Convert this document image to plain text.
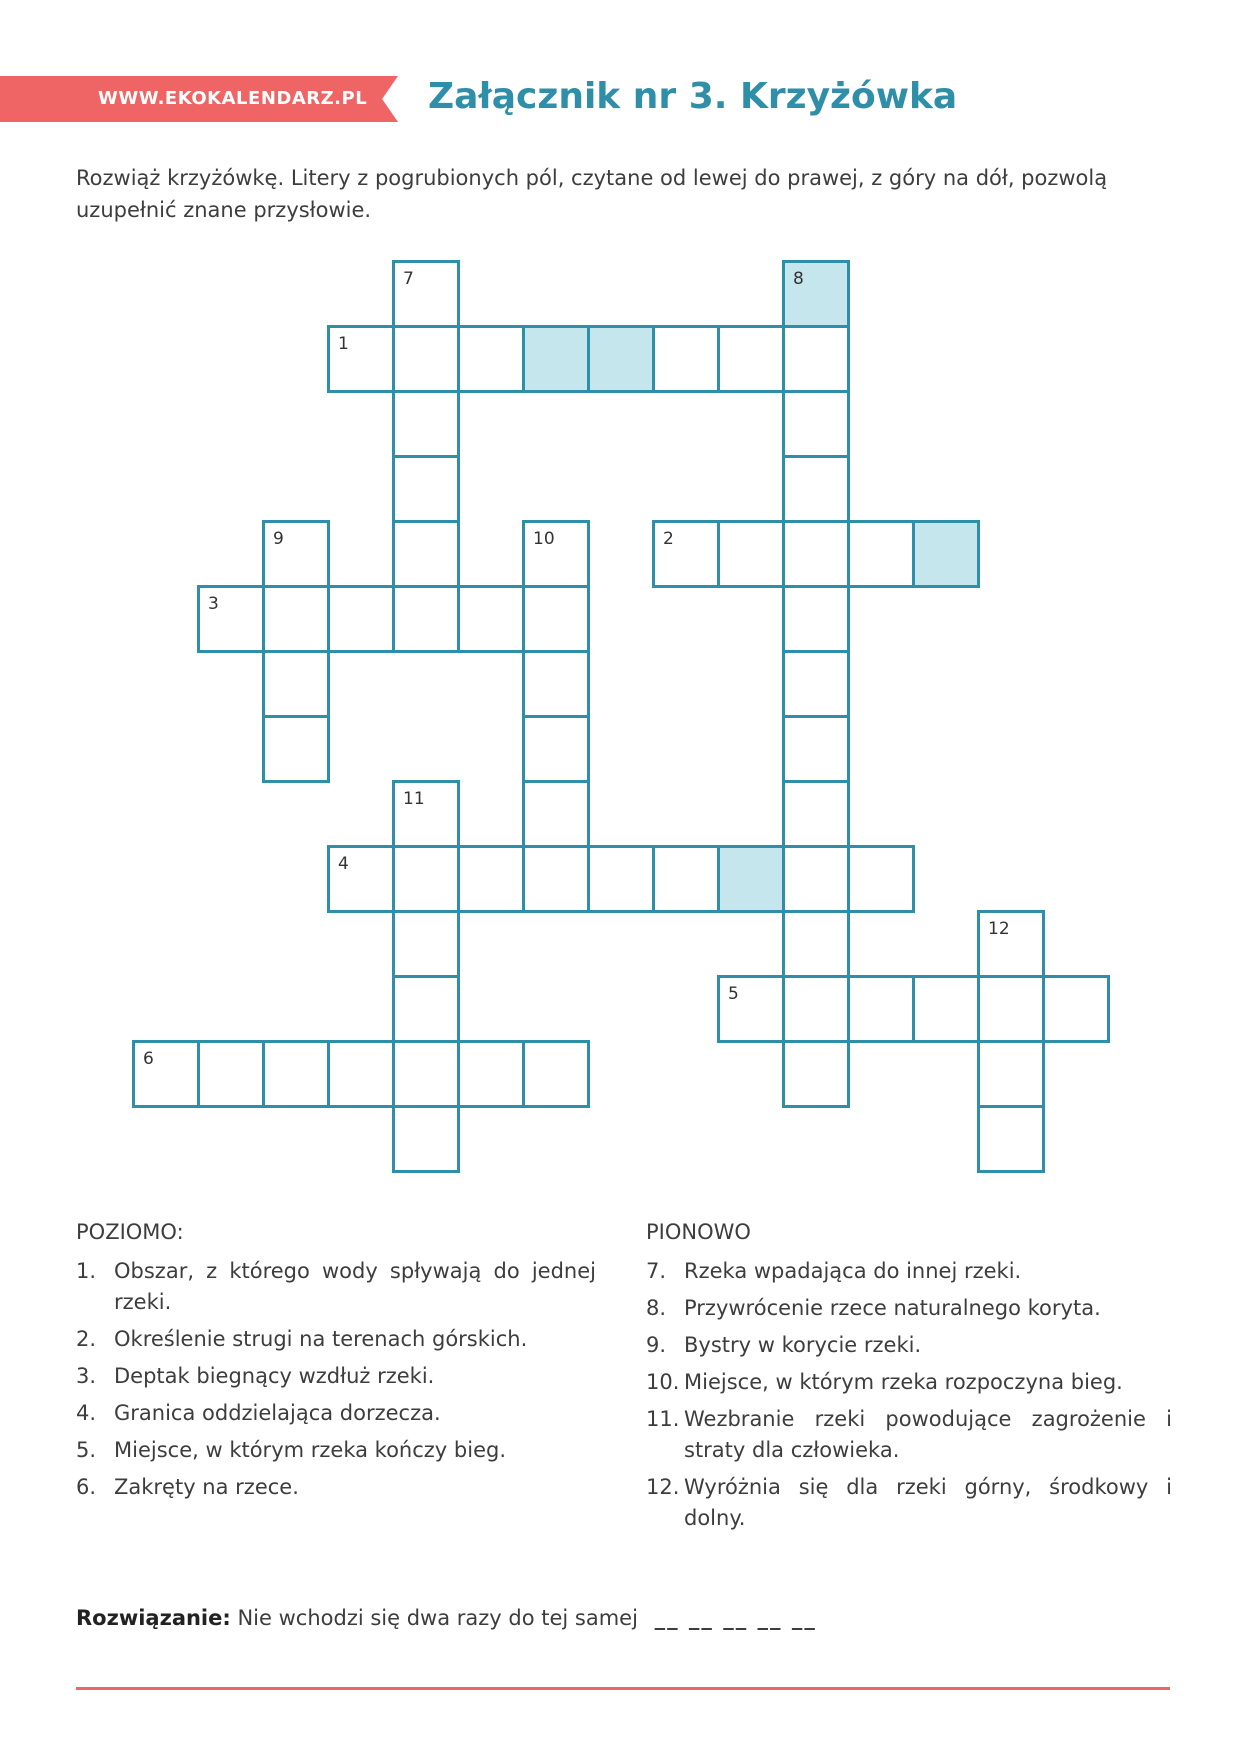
WWW.EKOKALENDARZ.PL Załącznik nr 3. Krzyżówka
Rozwiąż krzyżówkę. Litery z pogrubionych pól, czytane od lewej do prawej, z góry na dół, pozwolą uzupełnić znane przysłowie.
1
2
3
4
5
6
7	8
9	10
11
12
POZIOMO:
1. Obszar, z którego wody spływają do jednej rzeki.
2. Określenie strugi na terenach górskich.
3. Deptak biegnący wzdłuż rzeki.
4. Granica oddzielająca dorzecza.
5. Miejsce, w którym rzeka kończy bieg.
6. Zakręty na rzece.
PIONOWO
7. Rzeka wpadająca do innej rzeki.
8. Przywrócenie rzece naturalnego koryta.
9. Bystry w korycie rzeki.
10. Miejsce, w którym rzeka rozpoczyna bieg.
11. Wezbranie rzeki powodujące zagrożenie i straty dla człowieka.
12. Wyróżnia się dla rzeki górny, środkowy i dolny.
Rozwiązanie: Nie wchodzi się dwa razy do tej samej __ __ __ __ __
